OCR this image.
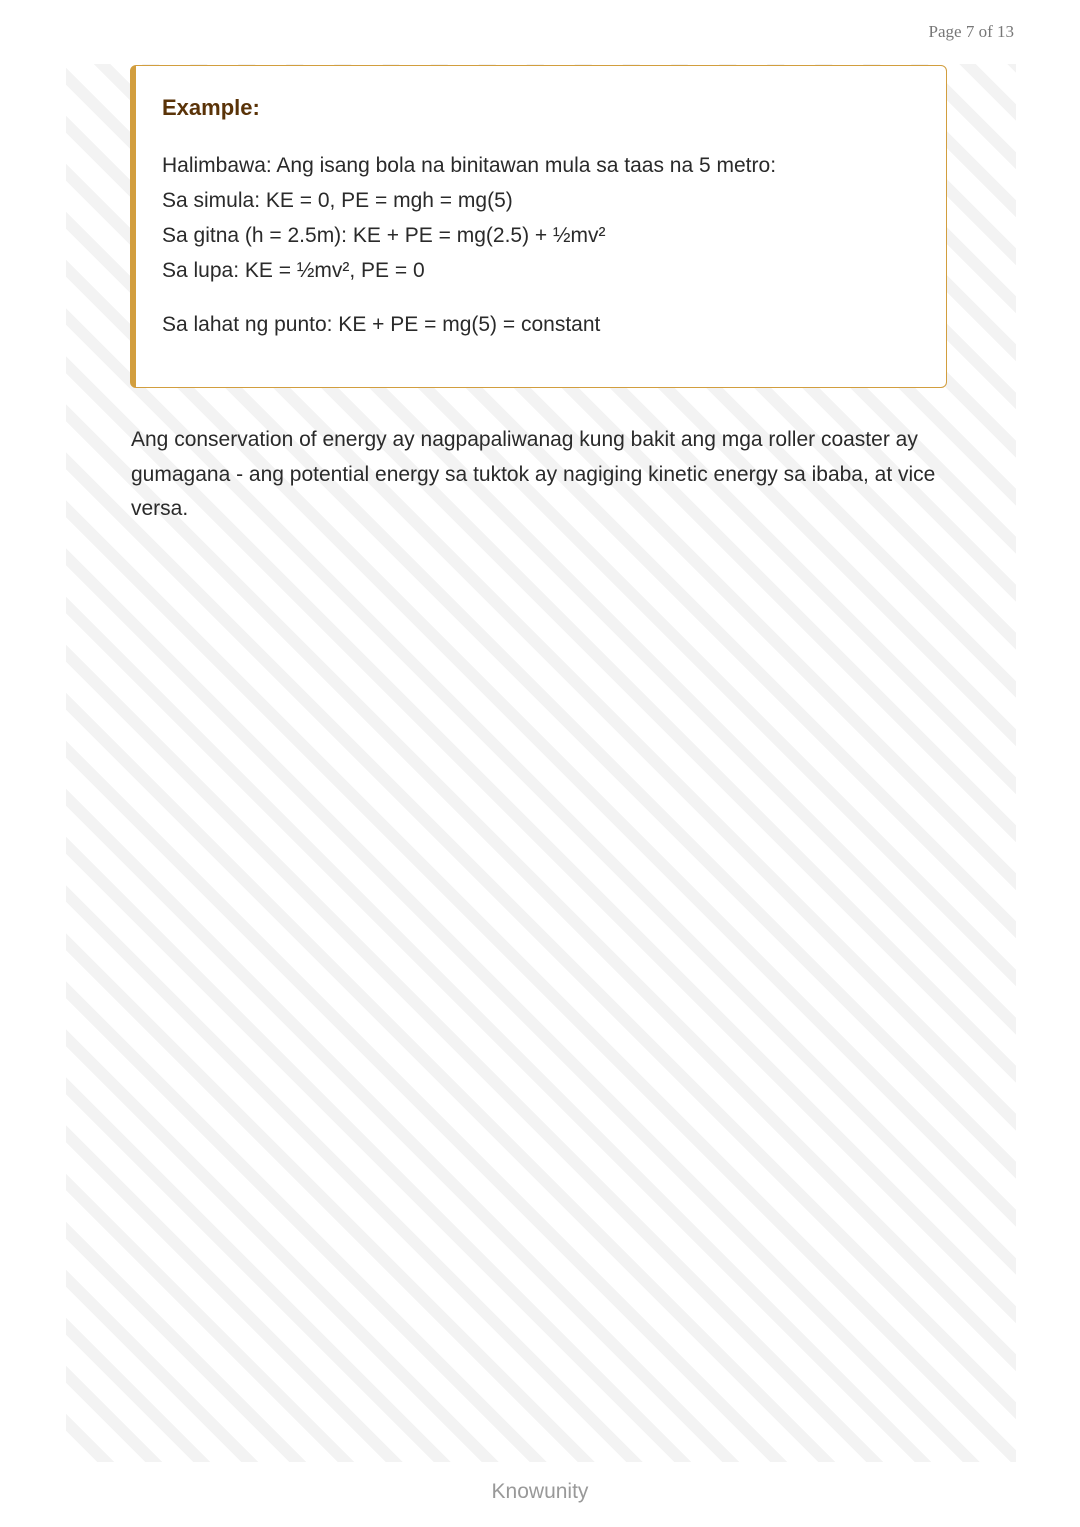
Page 7 of 13
Example:
Halimbawa: Ang isang bola na binitawan mula sa taas na 5 metro:
Sa simula: KE = 0, PE = mgh = mg(5)
Sa gitna (h = 2.5m): KE + PE = mg(2.5) + ½mv²
Sa lupa: KE = ½mv², PE = 0
Sa lahat ng punto: KE + PE = mg(5) = constant

Ang conservation of energy ay nagpapaliwanag kung bakit ang mga roller coaster ay gumagana - ang potential energy sa tuktok ay nagiging kinetic energy sa ibaba, at vice versa.

Knowunity
